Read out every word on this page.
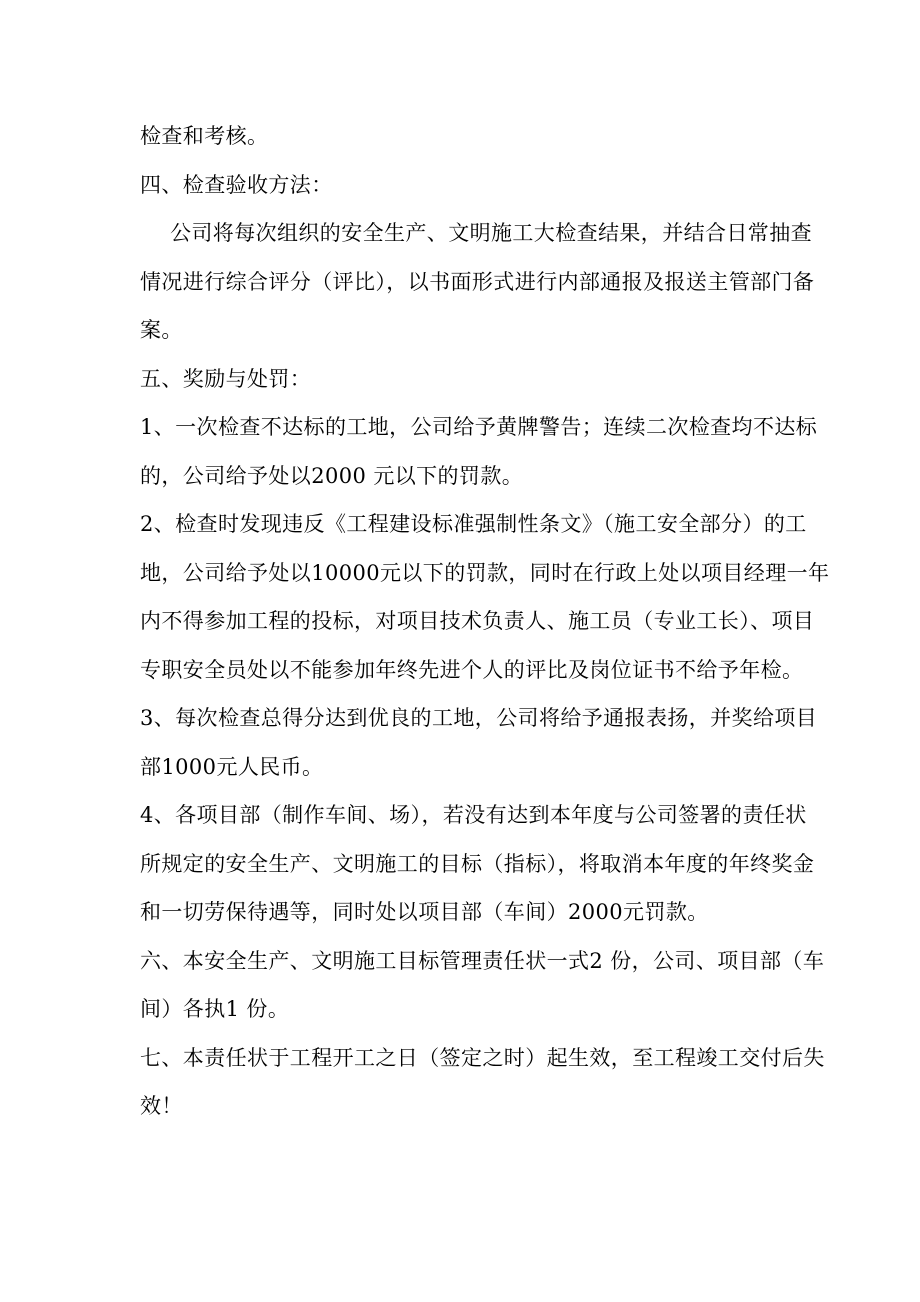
检查和考核。
四、检查验收方法：
公司将每次组织的安全生产、文明施工大检查结果，并结合日常抽查
情况进行综合评分（评比），以书面形式进行内部通报及报送主管部门备
案。
五、奖励与处罚：
1、一次检查不达标的工地，公司给予黄牌警告；连续二次检查均不达标
的，公司给予处以2000 元以下的罚款。
2、检查时发现违反《工程建设标准强制性条文》（施工安全部分）的工
地，公司给予处以10000元以下的罚款，同时在行政上处以项目经理一年
内不得参加工程的投标，对项目技术负责人、施工员（专业工长）、项目
专职安全员处以不能参加年终先进个人的评比及岗位证书不给予年检。
3、每次检查总得分达到优良的工地，公司将给予通报表扬，并奖给项目
部1000元人民币。
4、各项目部（制作车间、场），若没有达到本年度与公司签署的责任状
所规定的安全生产、文明施工的目标（指标），将取消本年度的年终奖金
和一切劳保待遇等，同时处以项目部（车间）2000元罚款。
六、本安全生产、文明施工目标管理责任状一式2 份，公司、项目部（车
间）各执1 份。
七、本责任状于工程开工之日（签定之时）起生效，至工程竣工交付后失
效！
